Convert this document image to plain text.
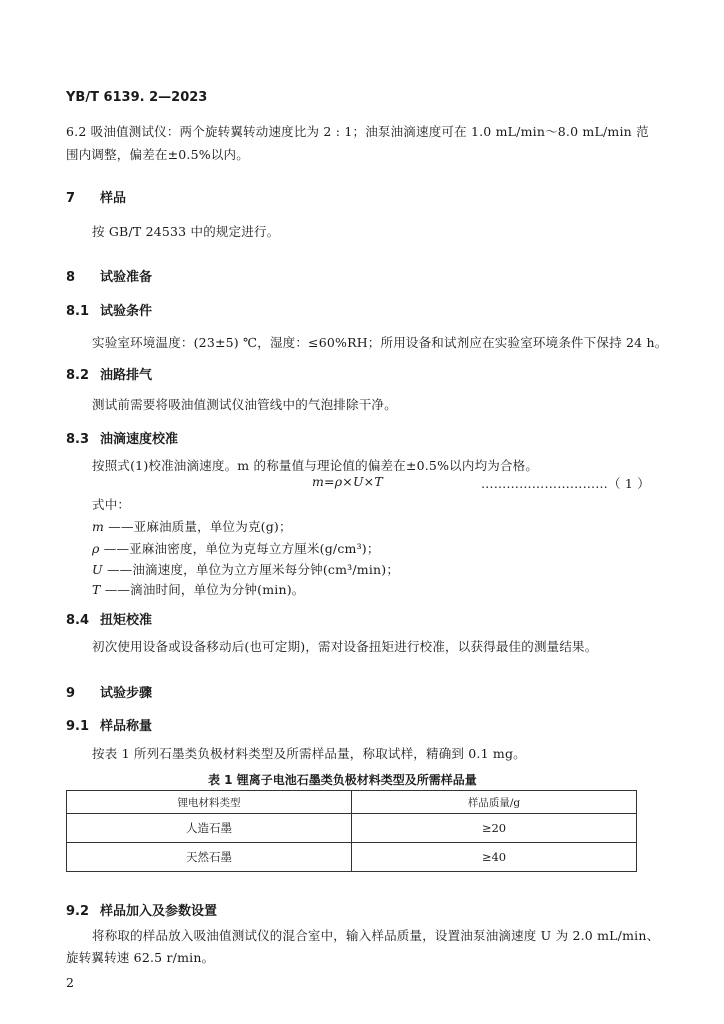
YB/T 6139. 2—2023
6.2 吸油值测试仪：两个旋转翼转动速度比为 2 : 1；油泵油滴速度可在 1.0 mL/min～8.0 mL/min 范
围内调整，偏差在±0.5%以内。
7 样品
按 GB/T 24533 中的规定进行。
8 试验准备
8.1 试验条件
实验室环境温度：(23±5) ℃，湿度：≤60%RH；所用设备和试剂应在实验室环境条件下保持 24 h。
8.2 油路排气
测试前需要将吸油值测试仪油管线中的气泡排除干净。
8.3 油滴速度校准
按照式(1)校准油滴速度。m 的称量值与理论值的偏差在±0.5%以内均为合格。
m=ρ×U×T	…………………………（ 1 ）
式中：
m ——亚麻油质量，单位为克(g)；
ρ ——亚麻油密度，单位为克每立方厘米(g/cm³)；
U ——油滴速度，单位为立方厘米每分钟(cm³/min)；
T ——滴油时间，单位为分钟(min)。
8.4 扭矩校准
初次使用设备或设备移动后(也可定期)，需对设备扭矩进行校准，以获得最佳的测量结果。
9 试验步骤
9.1 样品称量
按表 1 所列石墨类负极材料类型及所需样品量，称取试样，精确到 0.1 mg。
表 1 锂离子电池石墨类负极材料类型及所需样品量
锂电材料类型	样品质量/g
人造石墨	≥20
天然石墨	≥40
9.2 样品加入及参数设置
将称取的样品放入吸油值测试仪的混合室中，输入样品质量，设置油泵油滴速度 U 为 2.0 mL/min、
旋转翼转速 62.5 r/min。
2
